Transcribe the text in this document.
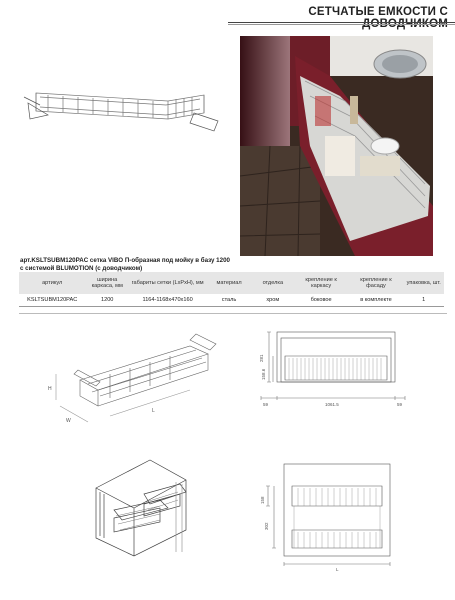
СЕТЧАТЫЕ ЕМКОСТИ С
арт.KSLTSUBM120PAC сетка VIBO П-образная под мойку в базу 1200 с системой BLUMOTION (с доводчиком)
артикул	ширина каркаса, мм	габариты сетки (LxPxH), мм	материал	отделка	крепление к каркасу	крепление к фасаду	упаковка, шт.
KSLTSUBM120PAC	1200	1164-1168х470х160	сталь	хром	боковое	в комплекте	1
H
W
L
281
158.6
59	1061.5	59
158
302
L
